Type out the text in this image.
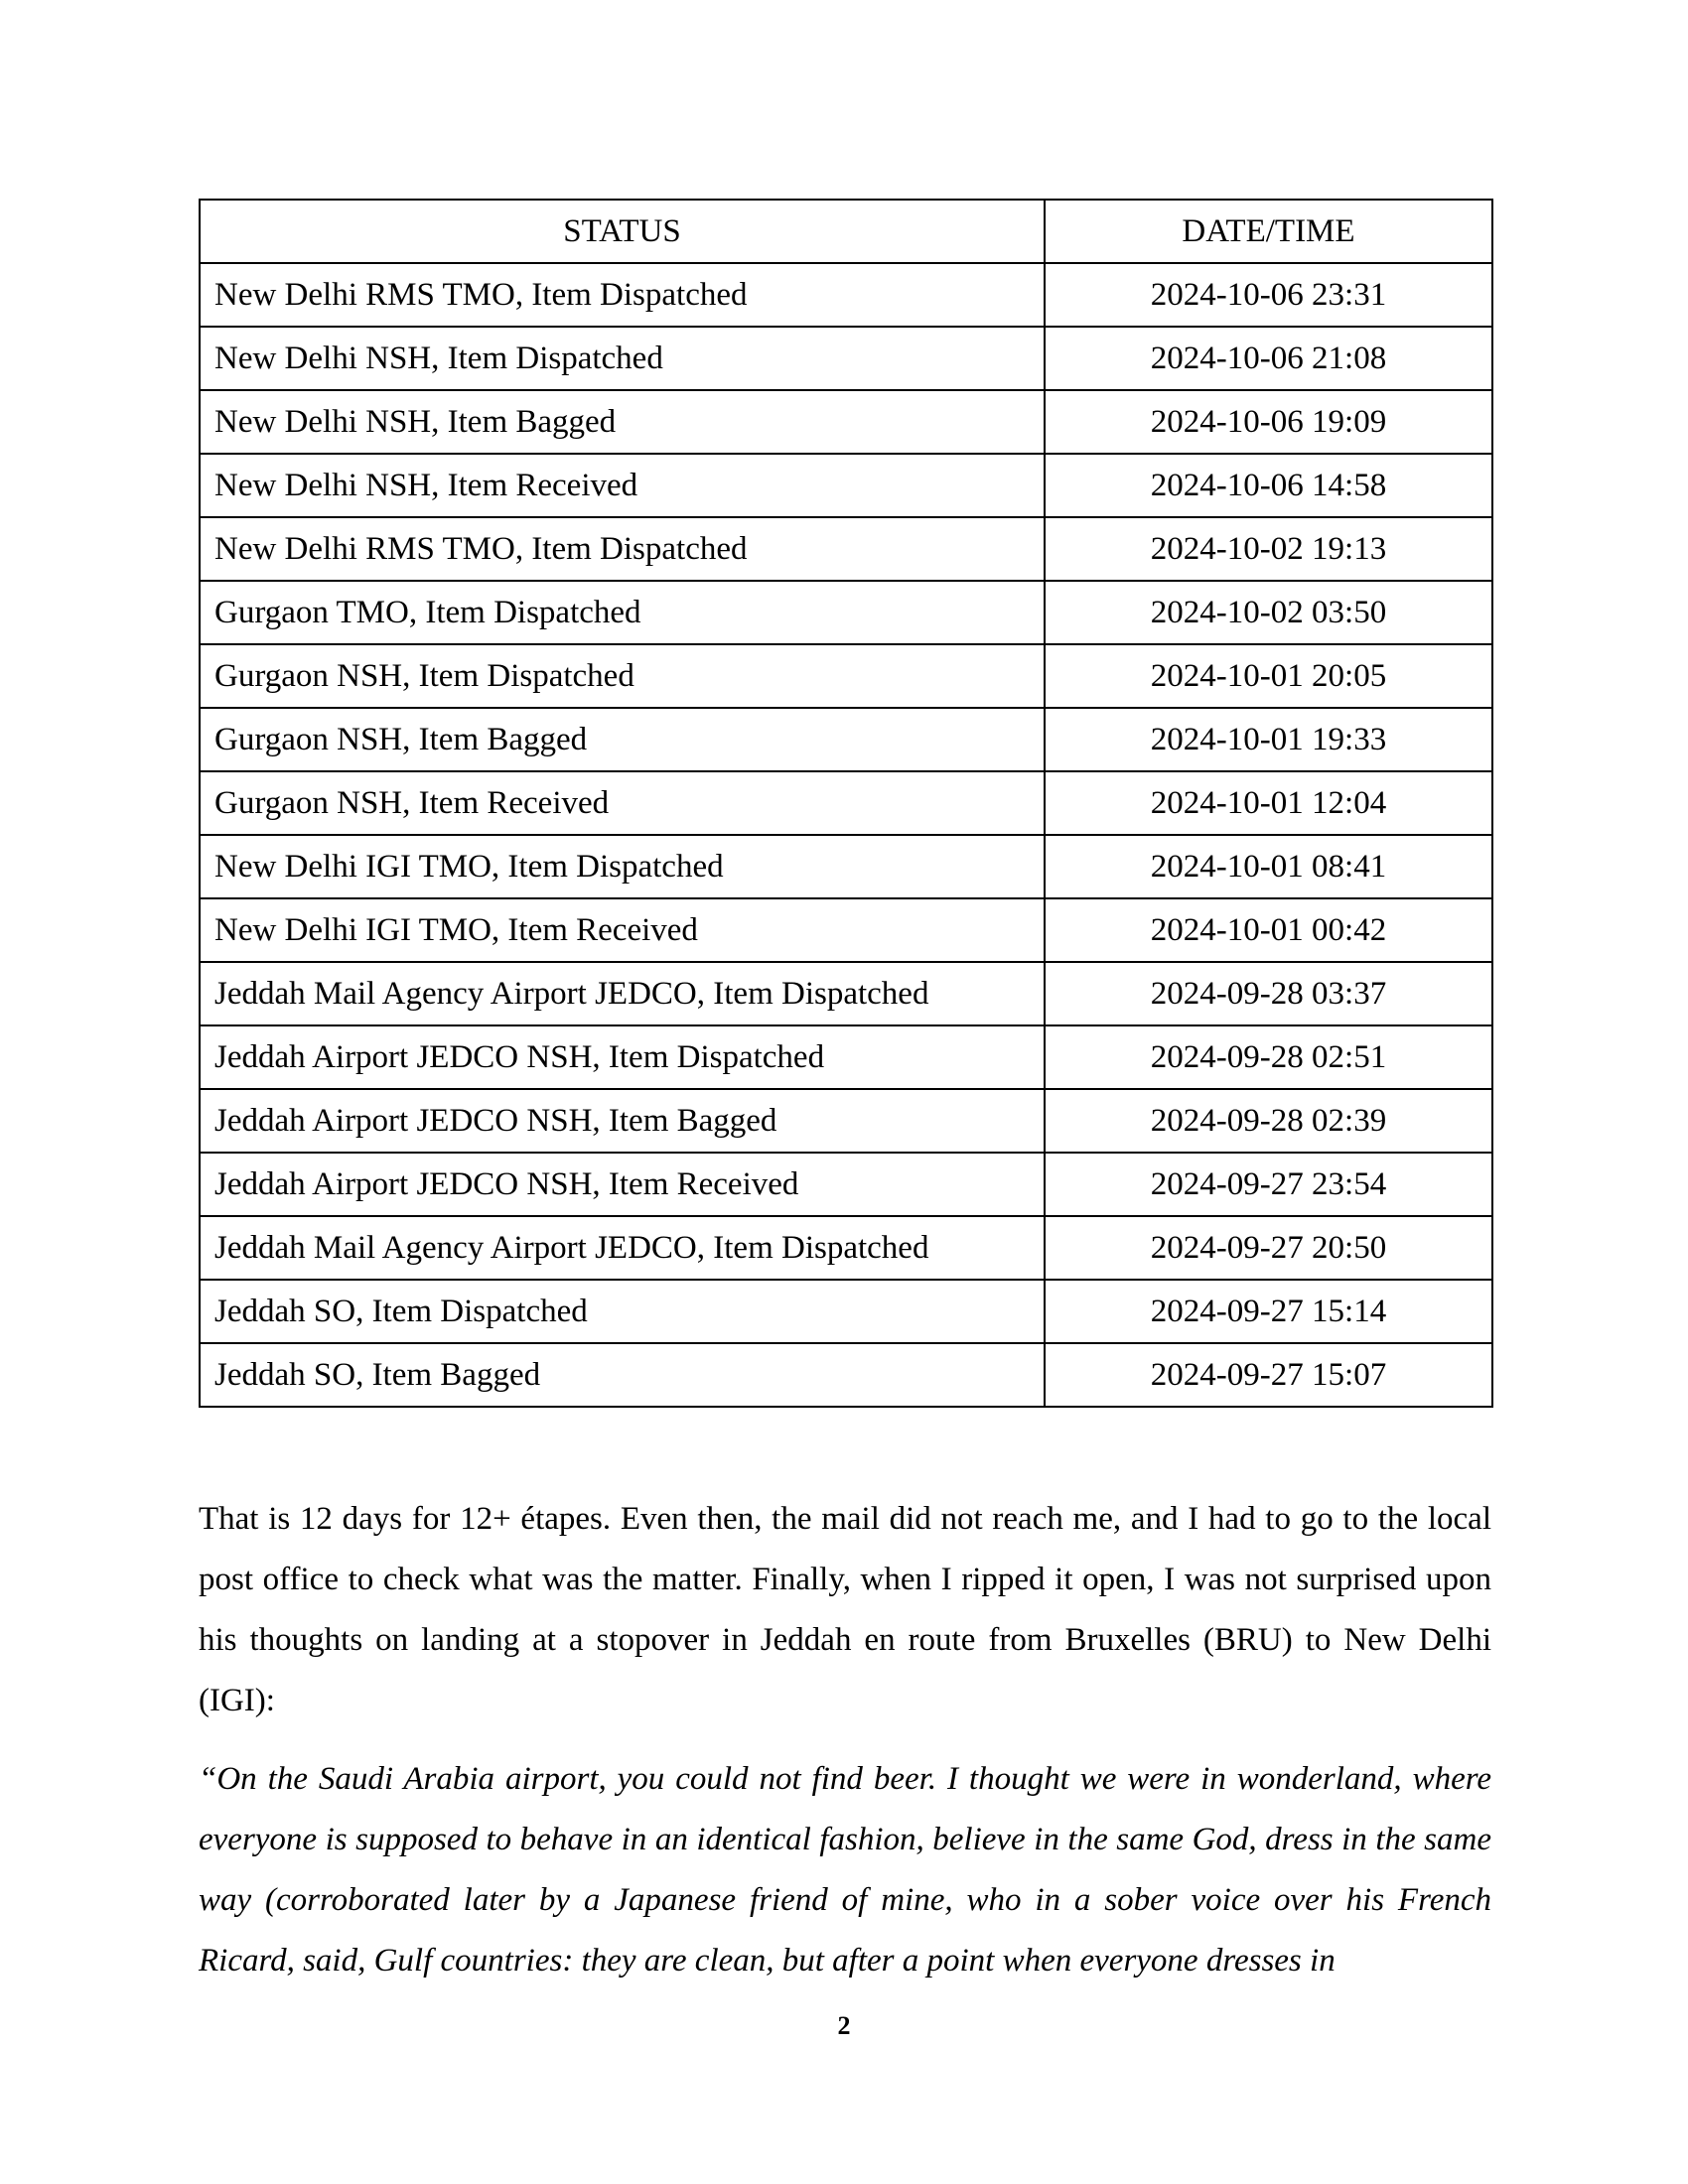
STATUS	DATE/TIME
New Delhi RMS TMO, Item Dispatched	2024-10-06 23:31
New Delhi NSH, Item Dispatched	2024-10-06 21:08
New Delhi NSH, Item Bagged	2024-10-06 19:09
New Delhi NSH, Item Received	2024-10-06 14:58
New Delhi RMS TMO, Item Dispatched	2024-10-02 19:13
Gurgaon TMO, Item Dispatched	2024-10-02 03:50
Gurgaon NSH, Item Dispatched	2024-10-01 20:05
Gurgaon NSH, Item Bagged	2024-10-01 19:33
Gurgaon NSH, Item Received	2024-10-01 12:04
New Delhi IGI TMO, Item Dispatched	2024-10-01 08:41
New Delhi IGI TMO, Item Received	2024-10-01 00:42
Jeddah Mail Agency Airport JEDCO, Item Dispatched	2024-09-28 03:37
Jeddah Airport JEDCO NSH, Item Dispatched	2024-09-28 02:51
Jeddah Airport JEDCO NSH, Item Bagged	2024-09-28 02:39
Jeddah Airport JEDCO NSH, Item Received	2024-09-27 23:54
Jeddah Mail Agency Airport JEDCO, Item Dispatched	2024-09-27 20:50
Jeddah SO, Item Dispatched	2024-09-27 15:14
Jeddah SO, Item Bagged	2024-09-27 15:07

That is 12 days for 12+ étapes. Even then, the mail did not reach me, and I had to go to the local post office to check what was the matter. Finally, when I ripped it open, I was not surprised upon his thoughts on landing at a stopover in Jeddah en route from Bruxelles (BRU) to New Delhi (IGI):

“On the Saudi Arabia airport, you could not find beer. I thought we were in wonderland, where everyone is supposed to behave in an identical fashion, believe in the same God, dress in the same way (corroborated later by a Japanese friend of mine, who in a sober voice over his French Ricard, said, Gulf countries: they are clean, but after a point when everyone dresses in

2
